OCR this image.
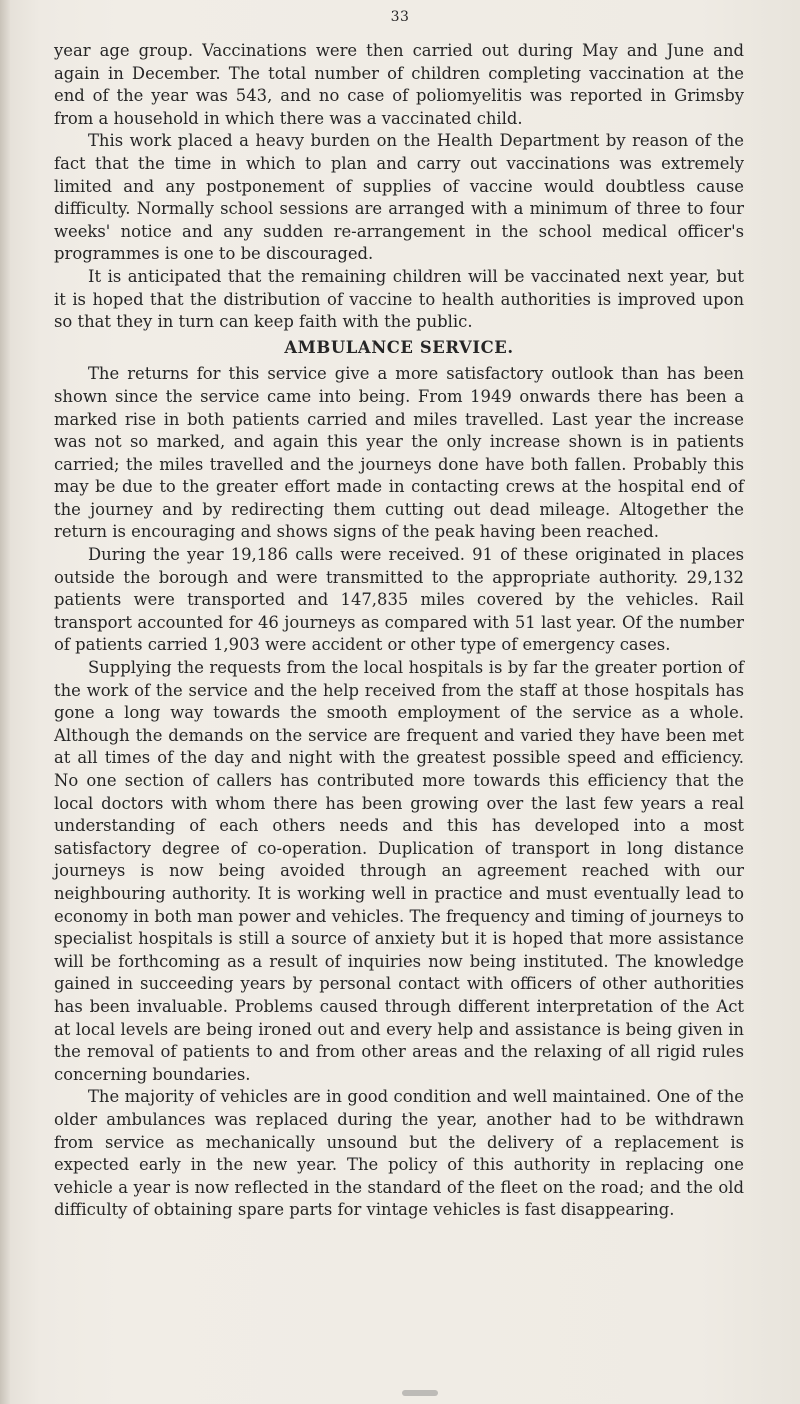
33

year age group. Vaccinations were then carried out during May and June and again in December. The total number of children completing vaccination at the end of the year was 543, and no case of poliomyelitis was reported in Grimsby from a household in which there was a vaccinated child.

This work placed a heavy burden on the Health Department by reason of the fact that the time in which to plan and carry out vaccinations was extremely limited and any postponement of supplies of vaccine would doubtless cause difficulty. Normally school sessions are arranged with a minimum of three to four weeks' notice and any sudden re-arrangement in the school medical officer's programmes is one to be discouraged.

It is anticipated that the remaining children will be vaccinated next year, but it is hoped that the distribution of vaccine to health authorities is improved upon so that they in turn can keep faith with the public.

AMBULANCE SERVICE.

The returns for this service give a more satisfactory outlook than has been shown since the service came into being. From 1949 onwards there has been a marked rise in both patients carried and miles travelled. Last year the increase was not so marked, and again this year the only increase shown is in patients carried; the miles travelled and the journeys done have both fallen. Probably this may be due to the greater effort made in contacting crews at the hospital end of the journey and by redirecting them cutting out dead mileage. Altogether the return is encouraging and shows signs of the peak having been reached.

During the year 19,186 calls were received. 91 of these originated in places outside the borough and were transmitted to the appropriate authority. 29,132 patients were transported and 147,835 miles covered by the vehicles. Rail transport accounted for 46 journeys as compared with 51 last year. Of the number of patients carried 1,903 were accident or other type of emergency cases.

Supplying the requests from the local hospitals is by far the greater portion of the work of the service and the help received from the staff at those hospitals has gone a long way towards the smooth employment of the service as a whole. Although the demands on the service are frequent and varied they have been met at all times of the day and night with the greatest possible speed and efficiency. No one section of callers has contributed more towards this efficiency that the local doctors with whom there has been growing over the last few years a real understanding of each others needs and this has developed into a most satisfactory degree of co-operation. Duplication of transport in long distance journeys is now being avoided through an agreement reached with our neighbouring authority. It is working well in practice and must eventually lead to economy in both man power and vehicles. The frequency and timing of journeys to specialist hospitals is still a source of anxiety but it is hoped that more assistance will be forthcoming as a result of inquiries now being instituted. The knowledge gained in succeeding years by personal contact with officers of other authorities has been invaluable. Problems caused through different interpretation of the Act at local levels are being ironed out and every help and assistance is being given in the removal of patients to and from other areas and the relaxing of all rigid rules concerning boundaries.

The majority of vehicles are in good condition and well maintained. One of the older ambulances was replaced during the year, another had to be withdrawn from service as mechanically unsound but the delivery of a replacement is expected early in the new year. The policy of this authority in replacing one vehicle a year is now reflected in the standard of the fleet on the road; and the old difficulty of obtaining spare parts for vintage vehicles is fast disappearing.
